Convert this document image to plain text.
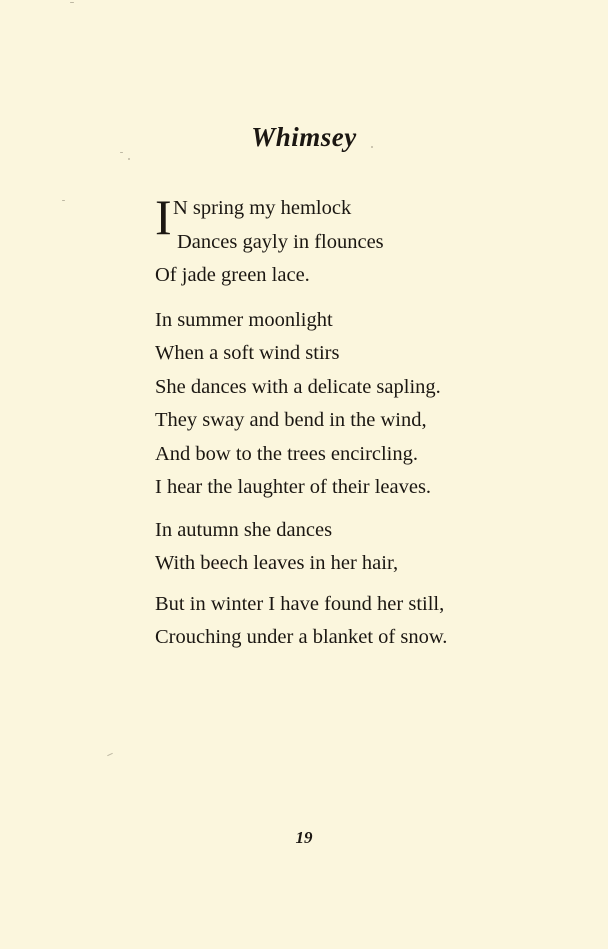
Whimsey
I N spring my hemlock
Dances gayly in flounces
Of jade green lace.
In summer moonlight
When a soft wind stirs
She dances with a delicate sapling.
They sway and bend in the wind,
And bow to the trees encircling.
I hear the laughter of their leaves.
In autumn she dances
With beech leaves in her hair,
But in winter I have found her still,
Crouching under a blanket of snow.
19
